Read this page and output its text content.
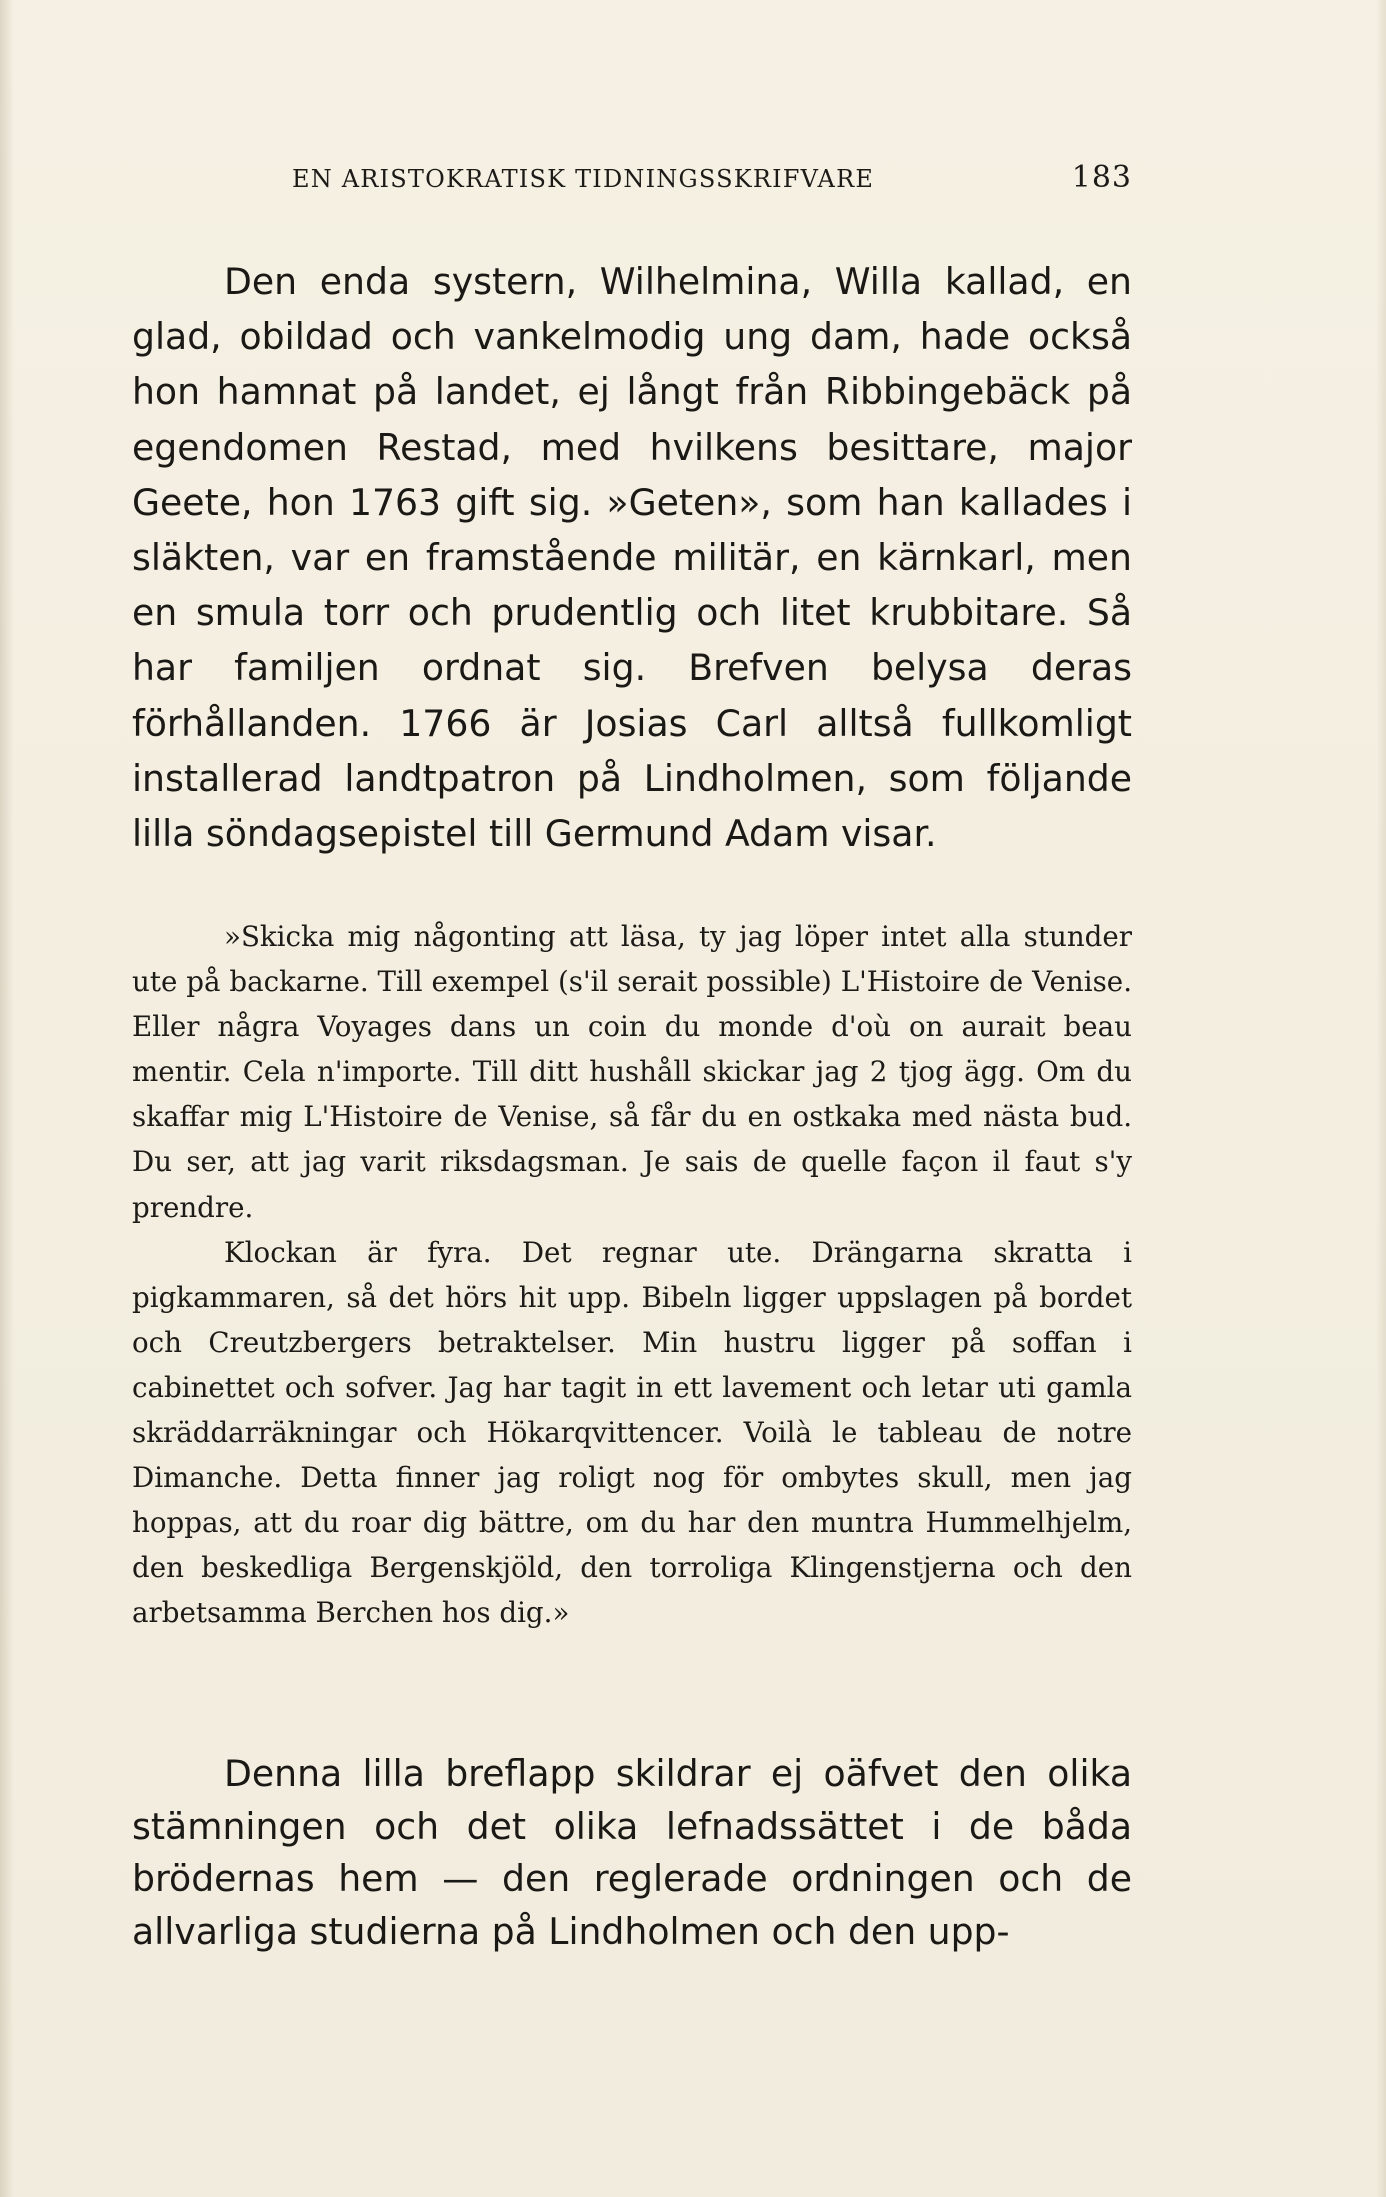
EN ARISTOKRATISK TIDNINGSSKRIFVARE	183

Den enda systern, Wilhelmina, Willa kallad, en glad, obildad och vankelmodig ung dam, hade också hon hamnat på landet, ej långt från Ribbingebäck på egendomen Restad, med hvilkens besittare, major Geete, hon 1763 gift sig. »Geten», som han kallades i släkten, var en framstående militär, en kärnkarl, men en smula torr och prudentlig och litet krubbitare. Så har familjen ordnat sig. Brefven belysa deras förhållanden. 1766 är Josias Carl alltså fullkomligt installerad landtpatron på Lindholmen, som följande lilla söndagsepistel till Germund Adam visar.

»Skicka mig någonting att läsa, ty jag löper intet alla stunder ute på backarne. Till exempel (s'il serait possible) L'Histoire de Venise. Eller några Voyages dans un coin du monde d'où on aurait beau mentir. Cela n'importe. Till ditt hushåll skickar jag 2 tjog ägg. Om du skaffar mig L'Histoire de Venise, så får du en ostkaka med nästa bud. Du ser, att jag varit riksdagsman. Je sais de quelle façon il faut s'y prendre.

Klockan är fyra. Det regnar ute. Drängarna skratta i pigkammaren, så det hörs hit upp. Bibeln ligger uppslagen på bordet och Creutzbergers betraktelser. Min hustru ligger på soffan i cabinettet och sofver. Jag har tagit in ett lavement och letar uti gamla skräddarräkningar och Hökarqvittencer. Voilà le tableau de notre Dimanche. Detta finner jag roligt nog för ombytes skull, men jag hoppas, att du roar dig bättre, om du har den muntra Hummelhjelm, den beskedliga Bergenskjöld, den torroliga Klingenstjerna och den arbetsamma Berchen hos dig.»

Denna lilla breflapp skildrar ej oäfvet den olika stämningen och det olika lefnadssättet i de båda brödernas hem — den reglerade ordningen och de allvarliga studierna på Lindholmen och den upp-
